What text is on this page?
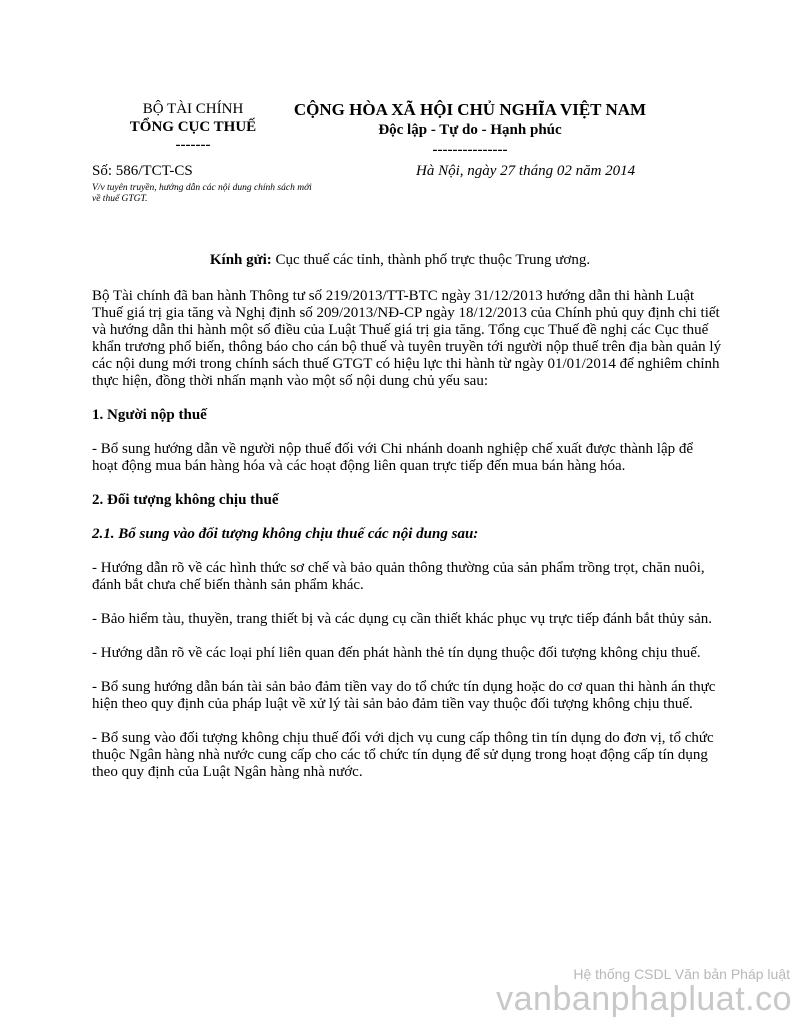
BỘ TÀI CHÍNH
TỔNG CỤC THUẾ
-------
CỘNG HÒA XÃ HỘI CHỦ NGHĨA VIỆT NAM
Độc lập - Tự do - Hạnh phúc
---------------
Số: 586/TCT-CS	Hà Nội, ngày 27 tháng 02 năm 2014
V/v tuyên truyền, hướng dẫn các nội dung chính sách mới về thuế GTGT.
Kính gửi: Cục thuế các tỉnh, thành phố trực thuộc Trung ương.

Bộ Tài chính đã ban hành Thông tư số 219/2013/TT-BTC ngày 31/12/2013 hướng dẫn thi hành Luật Thuế giá trị gia tăng và Nghị định số 209/2013/NĐ-CP ngày 18/12/2013 của Chính phủ quy định chi tiết và hướng dẫn thi hành một số điều của Luật Thuế giá trị gia tăng. Tổng cục Thuế đề nghị các Cục thuế khẩn trương phổ biến, thông báo cho cán bộ thuế và tuyên truyền tới người nộp thuế trên địa bàn quản lý các nội dung mới trong chính sách thuế GTGT có hiệu lực thi hành từ ngày 01/01/2014 để nghiêm chỉnh thực hiện, đồng thời nhấn mạnh vào một số nội dung chủ yếu sau:

1. Người nộp thuế

- Bổ sung hướng dẫn về người nộp thuế đối với Chi nhánh doanh nghiệp chế xuất được thành lập để hoạt động mua bán hàng hóa và các hoạt động liên quan trực tiếp đến mua bán hàng hóa.

2. Đối tượng không chịu thuế
2.1. Bổ sung vào đối tượng không chịu thuế các nội dung sau:

- Hướng dẫn rõ về các hình thức sơ chế và bảo quản thông thường của sản phẩm trồng trọt, chăn nuôi, đánh bắt chưa chế biến thành sản phẩm khác.

- Bảo hiểm tàu, thuyền, trang thiết bị và các dụng cụ cần thiết khác phục vụ trực tiếp đánh bắt thủy sản.

- Hướng dẫn rõ về các loại phí liên quan đến phát hành thẻ tín dụng thuộc đối tượng không chịu thuế.

- Bổ sung hướng dẫn bán tài sản bảo đảm tiền vay do tổ chức tín dụng hoặc do cơ quan thi hành án thực hiện theo quy định của pháp luật về xử lý tài sản bảo đảm tiền vay thuộc đối tượng không chịu thuế.

- Bổ sung vào đối tượng không chịu thuế đối với dịch vụ cung cấp thông tin tín dụng do đơn vị, tổ chức thuộc Ngân hàng nhà nước cung cấp cho các tổ chức tín dụng để sử dụng trong hoạt động cấp tín dụng theo quy định của Luật Ngân hàng nhà nước.

Hệ thống CSDL Văn bản Pháp luật
vanbanphapluat.co
